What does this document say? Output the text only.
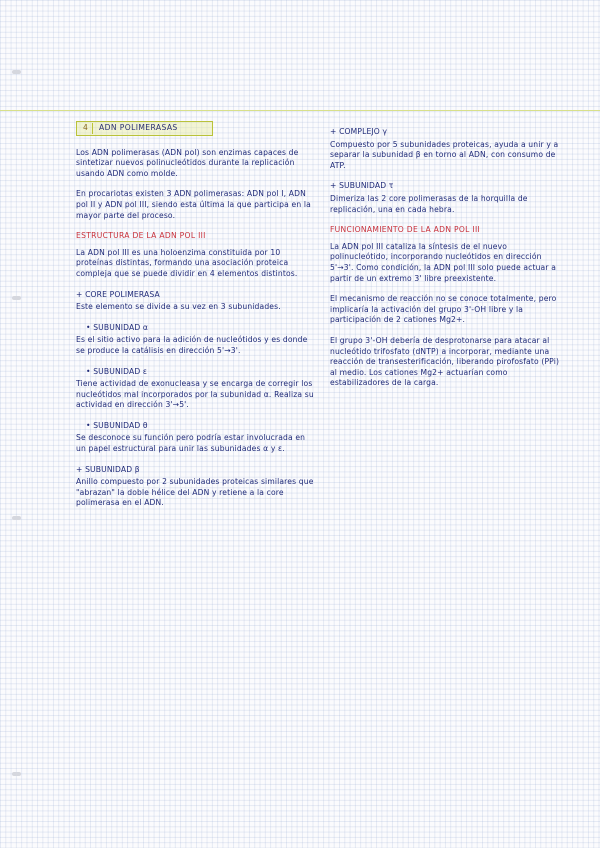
4	ADN POLIMERASAS

Los ADN polimerasas (ADN pol) son enzimas capaces de sintetizar nuevos polinucleótidos durante la replicación usando ADN como molde.

En procariotas existen 3 ADN polimerasas: ADN pol I, ADN pol II y ADN pol III, siendo esta última la que participa en la mayor parte del proceso.

ESTRUCTURA DE LA ADN POL III

La ADN pol III es una holoenzima constituida por 10 proteínas distintas, formando una asociación proteica compleja que se puede dividir en 4 elementos distintos.

+ CORE POLIMERASA

Este elemento se divide a su vez en 3 subunidades.

• SUBUNIDAD α

Es el sitio activo para la adición de nucleótidos y es donde se produce la catálisis en dirección 5'→3'.

• SUBUNIDAD ε

Tiene actividad de exonucleasa y se encarga de corregir los nucleótidos mal incorporados por la subunidad α. Realiza su actividad en dirección 3'→5'.

• SUBUNIDAD θ

Se desconoce su función pero podría estar involucrada en un papel estructural para unir las subunidades α y ε.

+ SUBUNIDAD β

Anillo compuesto por 2 subunidades proteicas similares que "abrazan" la doble hélice del ADN y retiene a la core polimerasa en el ADN.

+ COMPLEJO γ

Compuesto por 5 subunidades proteicas, ayuda a unir y a separar la subunidad β en torno al ADN, con consumo de ATP.

+ SUBUNIDAD τ

Dimeriza las 2 core polimerasas de la horquilla de replicación, una en cada hebra.

FUNCIONAMIENTO DE LA ADN POL III

La ADN pol III cataliza la síntesis de el nuevo polinucleótido, incorporando nucleótidos en dirección 5'→3'. Como condición, la ADN pol III solo puede actuar a partir de un extremo 3' libre preexistente.

El mecanismo de reacción no se conoce totalmente, pero implicaría la activación del grupo 3'-OH libre y la participación de 2 cationes Mg2+.

El grupo 3'-OH debería de desprotonarse para atacar al nucleótido trifosfato (dNTP) a incorporar, mediante una reacción de transesterificación, liberando pirofosfato (PPi) al medio. Los cationes Mg2+ actuarían como estabilizadores de la carga.
